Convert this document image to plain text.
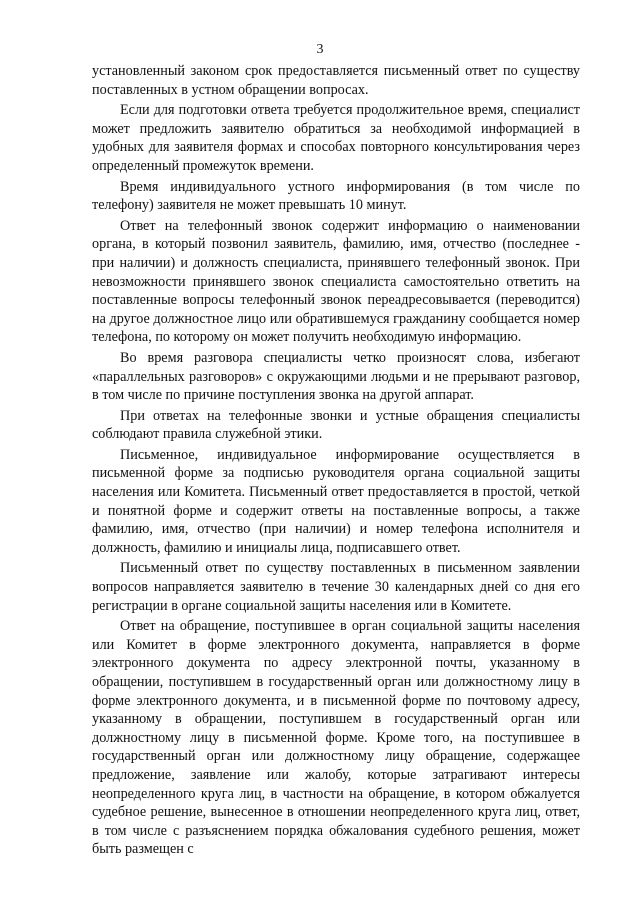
3

установленный законом срок предоставляется письменный ответ по существу поставленных в устном обращении вопросах.

Если для подготовки ответа требуется продолжительное время, специалист может предложить заявителю обратиться за необходимой информацией в удобных для заявителя формах и способах повторного консультирования через определенный промежуток времени.

Время индивидуального устного информирования (в том числе по телефону) заявителя не может превышать 10 минут.

Ответ на телефонный звонок содержит информацию о наименовании органа, в который позвонил заявитель, фамилию, имя, отчество (последнее - при наличии) и должность специалиста, принявшего телефонный звонок. При невозможности принявшего звонок специалиста самостоятельно ответить на поставленные вопросы телефонный звонок переадресовывается (переводится) на другое должностное лицо или обратившемуся гражданину сообщается номер телефона, по которому он может получить необходимую информацию.

Во время разговора специалисты четко произносят слова, избегают «параллельных разговоров» с окружающими людьми и не прерывают разговор, в том числе по причине поступления звонка на другой аппарат.

При ответах на телефонные звонки и устные обращения специалисты соблюдают правила служебной этики.

Письменное, индивидуальное информирование осуществляется в письменной форме за подписью руководителя органа социальной защиты населения или Комитета. Письменный ответ предоставляется в простой, четкой и понятной форме и содержит ответы на поставленные вопросы, а также фамилию, имя, отчество (при наличии) и номер телефона исполнителя и должность, фамилию и инициалы лица, подписавшего ответ.

Письменный ответ по существу поставленных в письменном заявлении вопросов направляется заявителю в течение 30 календарных дней со дня его регистрации в органе социальной защиты населения или в Комитете.

Ответ на обращение, поступившее в орган социальной защиты населения или Комитет в форме электронного документа, направляется в форме электронного документа по адресу электронной почты, указанному в обращении, поступившем в государственный орган или должностному лицу в форме электронного документа, и в письменной форме по почтовому адресу, указанному в обращении, поступившем в государственный орган или должностному лицу в письменной форме. Кроме того, на поступившее в государственный орган или должностному лицу обращение, содержащее предложение, заявление или жалобу, которые затрагивают интересы неопределенного круга лиц, в частности на обращение, в котором обжалуется судебное решение, вынесенное в отношении неопределенного круга лиц, ответ, в том числе с разъяснением порядка обжалования судебного решения, может быть размещен с
